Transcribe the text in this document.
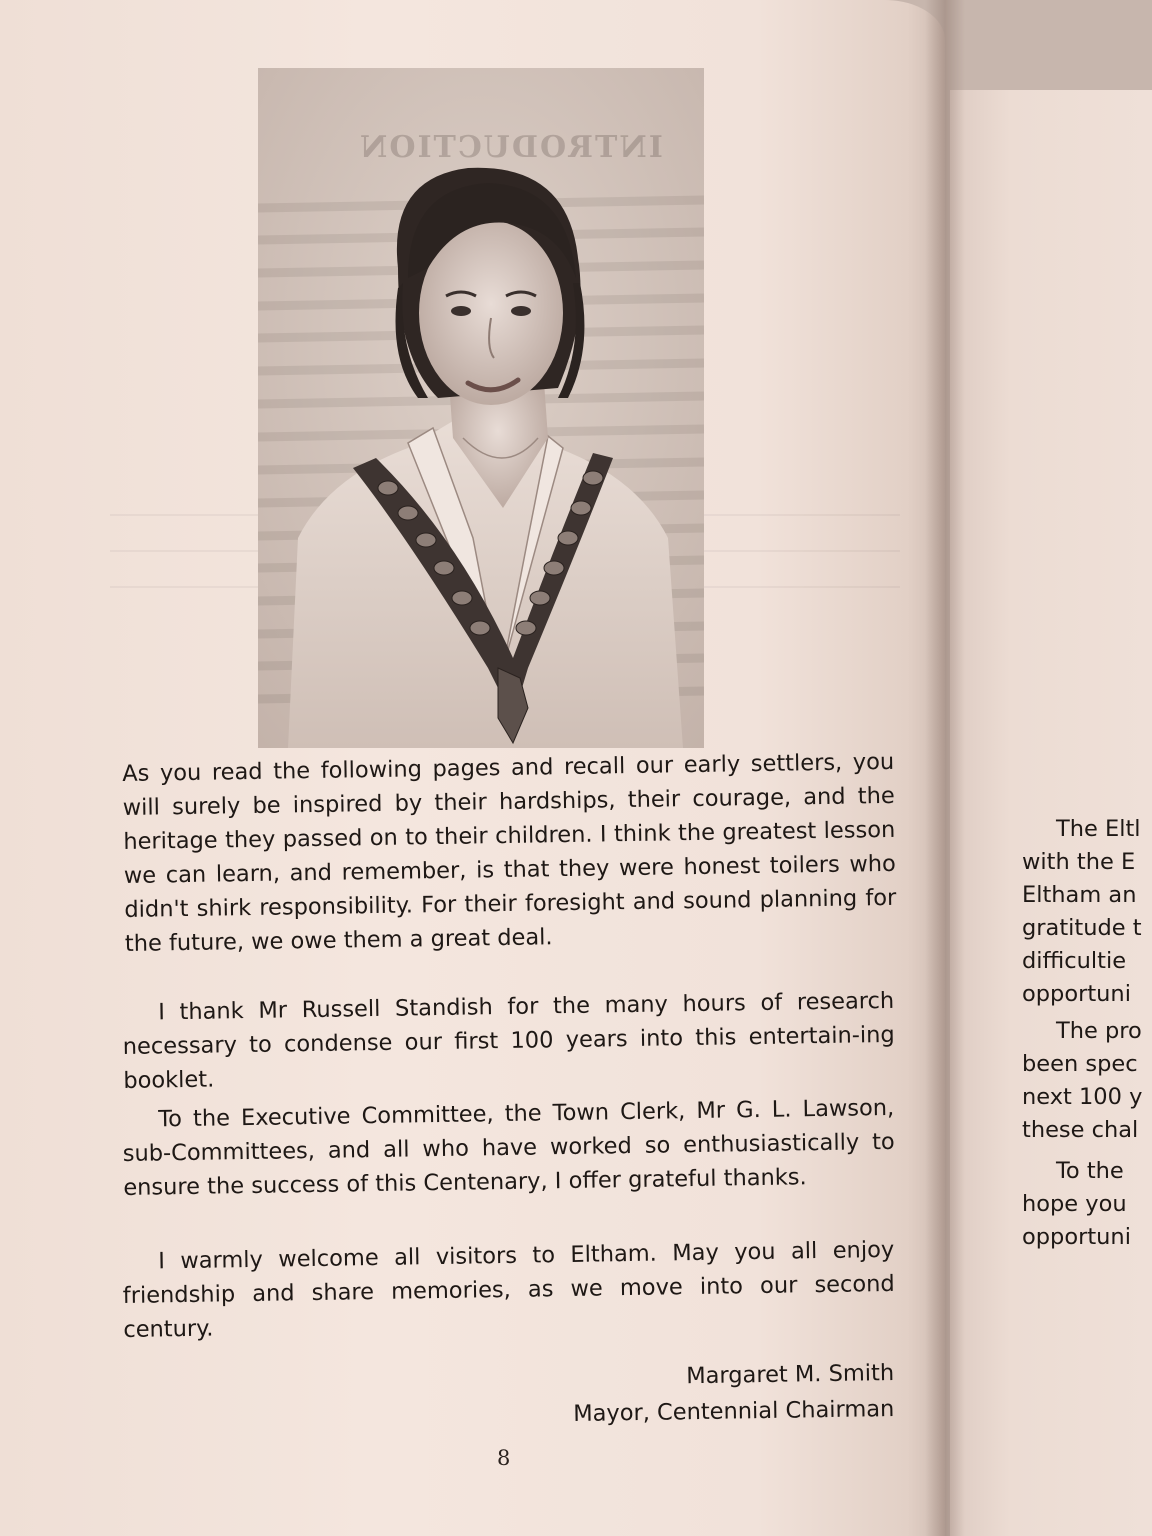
INTRODUCTION

As you read the following pages and recall our early settlers, you will surely be inspired by their hardships, their courage, and the heritage they passed on to their children. I think the greatest lesson we can learn, and remember, is that they were honest toilers who didn't shirk responsibility. For their foresight and sound planning for the future, we owe them a great deal.

I thank Mr Russell Standish for the many hours of research necessary to condense our first 100 years into this entertain-ing booklet.

To the Executive Committee, the Town Clerk, Mr G. L. Lawson, sub-Committees, and all who have worked so enthusiastically to ensure the success of this Centenary, I offer grateful thanks.

I warmly welcome all visitors to Eltham. May you all enjoy friendship and share memories, as we move into our second century.

Margaret M. Smith
Mayor, Centennial Chairman
8
The Eltl
with the E
Eltham an
gratitude t
difficultie
opportuni
The pro
been spec
next 100 y
these chal
To the
hope you
opportuni
